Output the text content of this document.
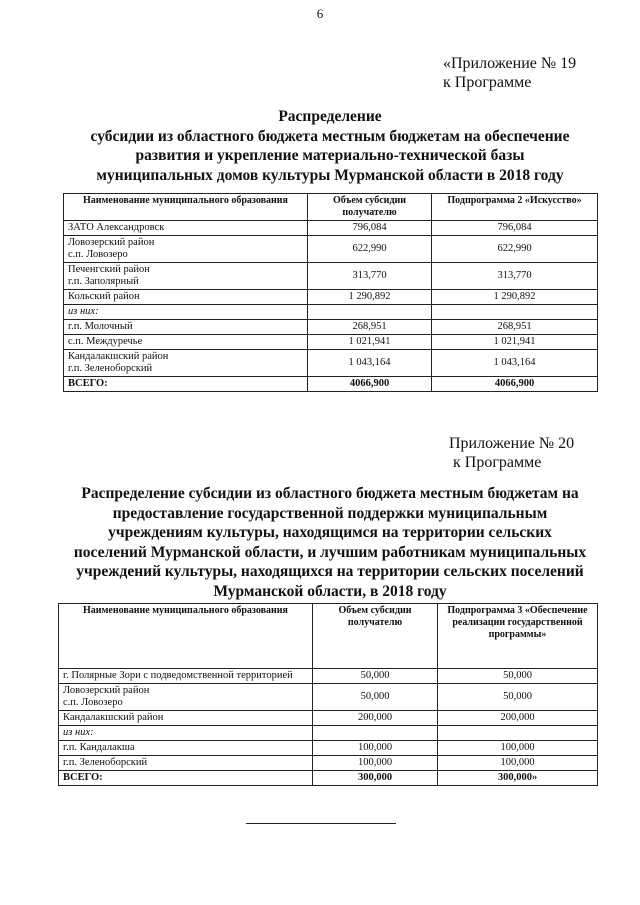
6
«Приложение № 19
к Программе
Распределение
субсидии из областного бюджета местным бюджетам на обеспечение
развития и укрепление материально-технической базы
муниципальных домов культуры Мурманской области в 2018 году
Наименование муниципального образования	Объем субсидии получателю	Подпрограмма 2 «Искусство»
ЗАТО Александровск	796,084	796,084
Ловозерский район
с.п. Ловозеро	622,990	622,990
Печенгский район
г.п. Заполярный	313,770	313,770
Кольский район	1 290,892	1 290,892
из них:		
г.п. Молочный	268,951	268,951
с.п. Междуречье	1 021,941	1 021,941
Кандалакшский район
г.п. Зеленоборский	1 043,164	1 043,164
ВСЕГО:	4066,900	4066,900
Приложение № 20
к Программе
Распределение субсидии из областного бюджета местным бюджетам на
предоставление государственной поддержки муниципальным
учреждениям культуры, находящимся на территории сельских
поселений Мурманской области, и лучшим работникам муниципальных
учреждений культуры, находящихся на территории сельских поселений
Мурманской области, в 2018 году
Наименование муниципального образования	Объем субсидии получателю	Подпрограмма 3 «Обеспечение реализации государственной программы»
г. Полярные Зори с подведомственной территорией	50,000	50,000
Ловозерский район
с.п. Ловозеро	50,000	50,000
Кандалакшский район	200,000	200,000
из них:		
г.п. Кандалакша	100,000	100,000
г.п. Зеленоборский	100,000	100,000
ВСЕГО:	300,000	300,000»
